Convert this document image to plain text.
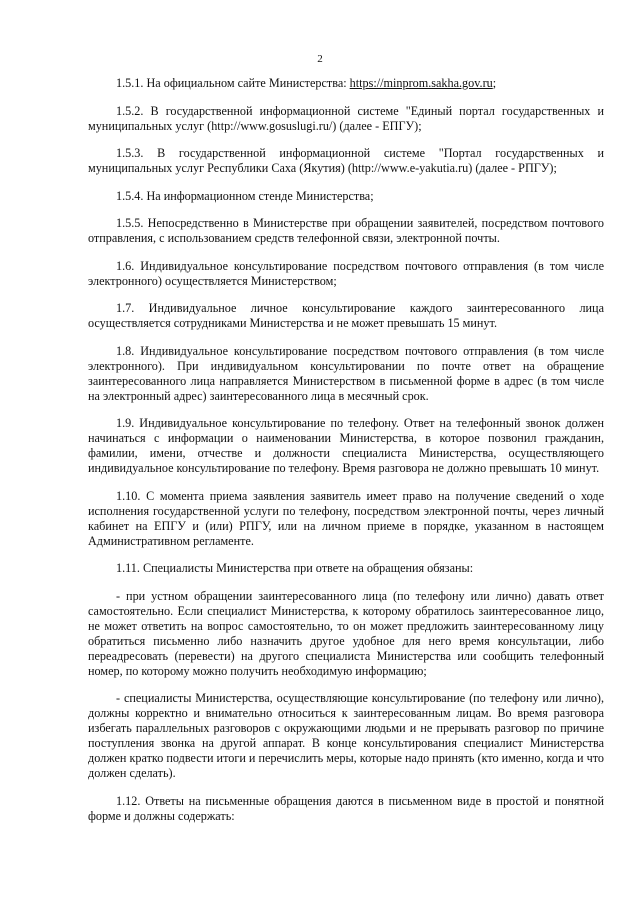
2

1.5.1. На официальном сайте Министерства: https://minprom.sakha.gov.ru;

1.5.2. В государственной информационной системе "Единый портал государственных и муниципальных услуг (http://www.gosuslugi.ru/) (далее - ЕПГУ);

1.5.3. В государственной информационной системе "Портал государственных и муниципальных услуг Республики Саха (Якутия) (http://www.e-yakutia.ru) (далее - РПГУ);

1.5.4. На информационном стенде Министерства;

1.5.5. Непосредственно в Министерстве при обращении заявителей, посредством почтового отправления, с использованием средств телефонной связи, электронной почты.

1.6. Индивидуальное консультирование посредством почтового отправления (в том числе электронного) осуществляется Министерством;

1.7. Индивидуальное личное консультирование каждого заинтересованного лица осуществляется сотрудниками Министерства и не может превышать 15 минут.

1.8. Индивидуальное консультирование посредством почтового отправления (в том числе электронного). При индивидуальном консультировании по почте ответ на обращение заинтересованного лица направляется Министерством в письменной форме в адрес (в том числе на электронный адрес) заинтересованного лица в месячный срок.

1.9. Индивидуальное консультирование по телефону. Ответ на телефонный звонок должен начинаться с информации о наименовании Министерства, в которое позвонил гражданин, фамилии, имени, отчестве и должности специалиста Министерства, осуществляющего индивидуальное консультирование по телефону. Время разговора не должно превышать 10 минут.

1.10. С момента приема заявления заявитель имеет право на получение сведений о ходе исполнения государственной услуги по телефону, посредством электронной почты, через личный кабинет на ЕПГУ и (или) РПГУ, или на личном приеме в порядке, указанном в настоящем Административном регламенте.

1.11. Специалисты Министерства при ответе на обращения обязаны:

- при устном обращении заинтересованного лица (по телефону или лично) давать ответ самостоятельно. Если специалист Министерства, к которому обратилось заинтересованное лицо, не может ответить на вопрос самостоятельно, то он может предложить заинтересованному лицу обратиться письменно либо назначить другое удобное для него время консультации, либо переадресовать (перевести) на другого специалиста Министерства или сообщить телефонный номер, по которому можно получить необходимую информацию;

- специалисты Министерства, осуществляющие консультирование (по телефону или лично), должны корректно и внимательно относиться к заинтересованным лицам. Во время разговора избегать параллельных разговоров с окружающими людьми и не прерывать разговор по причине поступления звонка на другой аппарат. В конце консультирования специалист Министерства должен кратко подвести итоги и перечислить меры, которые надо принять (кто именно, когда и что должен сделать).

1.12. Ответы на письменные обращения даются в письменном виде в простой и понятной форме и должны содержать:
